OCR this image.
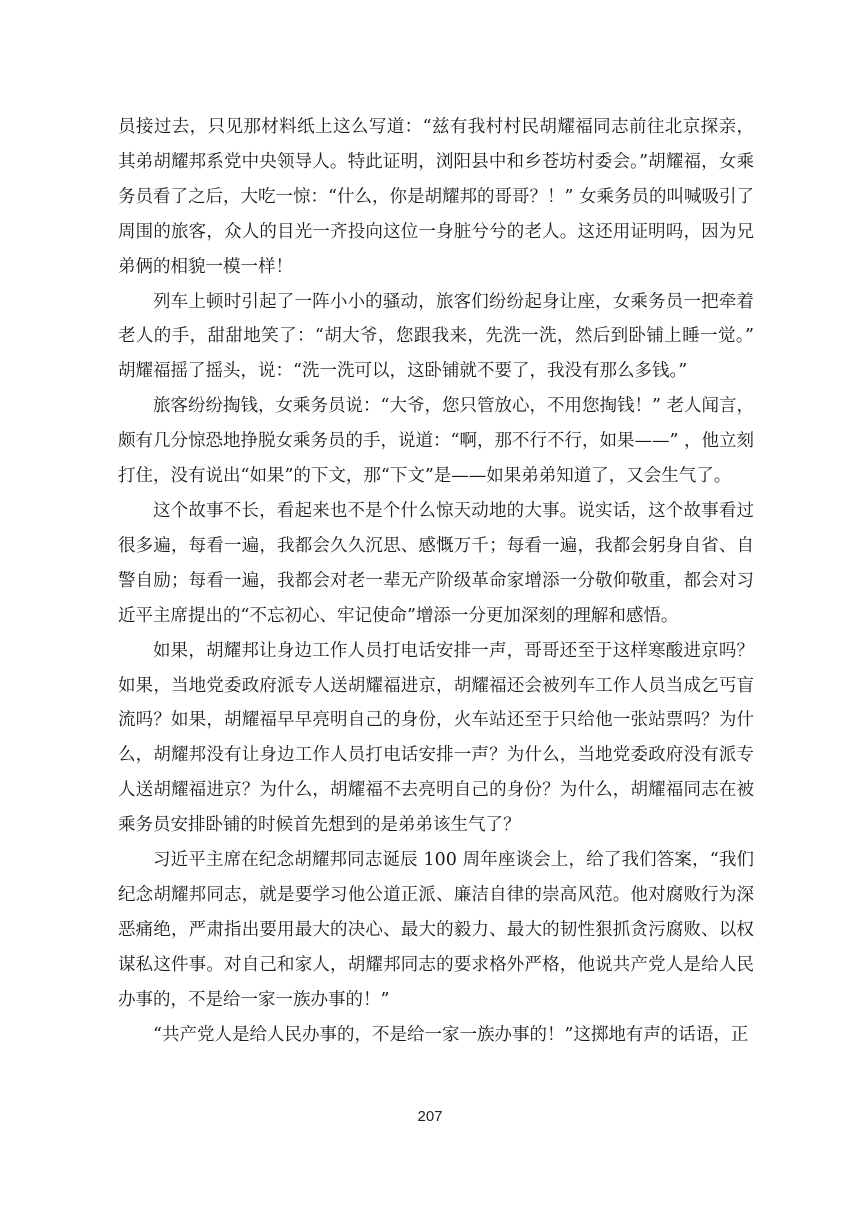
员接过去，只见那材料纸上这么写道：“兹有我村村民胡耀福同志前往北京探亲，其弟胡耀邦系党中央领导人。特此证明，浏阳县中和乡苍坊村委会。”胡耀福，女乘务员看了之后，大吃一惊：“什么，你是胡耀邦的哥哥？！” 女乘务员的叫喊吸引了周围的旅客，众人的目光一齐投向这位一身脏兮兮的老人。这还用证明吗，因为兄弟俩的相貌一模一样！

列车上顿时引起了一阵小小的骚动，旅客们纷纷起身让座，女乘务员一把牵着老人的手，甜甜地笑了：“胡大爷，您跟我来，先洗一洗，然后到卧铺上睡一觉。” 胡耀福摇了摇头，说：“洗一洗可以，这卧铺就不要了，我没有那么多钱。”

旅客纷纷掏钱，女乘务员说：“大爷，您只管放心，不用您掏钱！” 老人闻言，颇有几分惊恐地挣脱女乘务员的手，说道：“啊，那不行不行，如果——” ，他立刻打住，没有说出“如果”的下文，那“下文”是——如果弟弟知道了，又会生气了。

这个故事不长，看起来也不是个什么惊天动地的大事。说实话，这个故事看过很多遍，每看一遍，我都会久久沉思、感慨万千；每看一遍，我都会躬身自省、自警自励；每看一遍，我都会对老一辈无产阶级革命家增添一分敬仰敬重，都会对习近平主席提出的“不忘初心、牢记使命”增添一分更加深刻的理解和感悟。

如果，胡耀邦让身边工作人员打电话安排一声，哥哥还至于这样寒酸进京吗？如果，当地党委政府派专人送胡耀福进京，胡耀福还会被列车工作人员当成乞丐盲流吗？如果，胡耀福早早亮明自己的身份，火车站还至于只给他一张站票吗？为什么，胡耀邦没有让身边工作人员打电话安排一声？为什么，当地党委政府没有派专人送胡耀福进京？为什么，胡耀福不去亮明自己的身份？为什么，胡耀福同志在被乘务员安排卧铺的时候首先想到的是弟弟该生气了？

习近平主席在纪念胡耀邦同志诞辰 100 周年座谈会上，给了我们答案，“我们纪念胡耀邦同志，就是要学习他公道正派、廉洁自律的崇高风范。他对腐败行为深恶痛绝，严肃指出要用最大的决心、最大的毅力、最大的韧性狠抓贪污腐败、以权谋私这件事。对自己和家人，胡耀邦同志的要求格外严格，他说共产党人是给人民办事的，不是给一家一族办事的！”

“共产党人是给人民办事的，不是给一家一族办事的！”这掷地有声的话语，正

207
